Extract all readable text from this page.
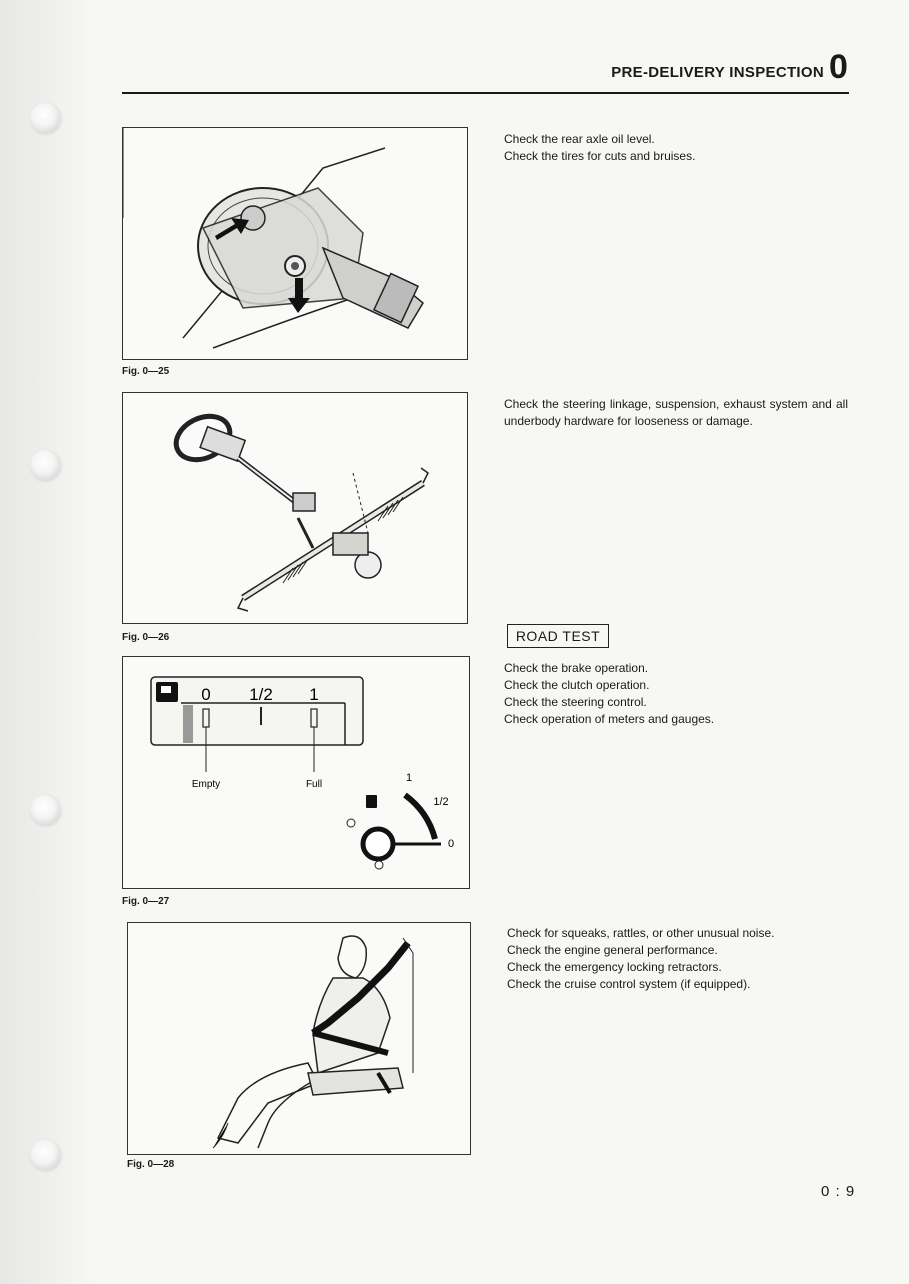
PRE-DELIVERY INSPECTION 0
Fig. 0—25
Check the rear axle oil level.
Check the tires for cuts and bruises.
Fig. 0—26
Check the steering linkage, suspension, exhaust system and all underbody hardware for looseness or damage.
0 1/2 1
Empty	Full
1
1/2
0
Fig. 0—27
ROAD TEST
Check the brake operation.
Check the clutch operation.
Check the steering control.
Check operation of meters and gauges.
Fig. 0—28
Check for squeaks, rattles, or other unusual noise.
Check the engine general performance.
Check the emergency locking retractors.
Check the cruise control system (if equipped).
0 : 9
